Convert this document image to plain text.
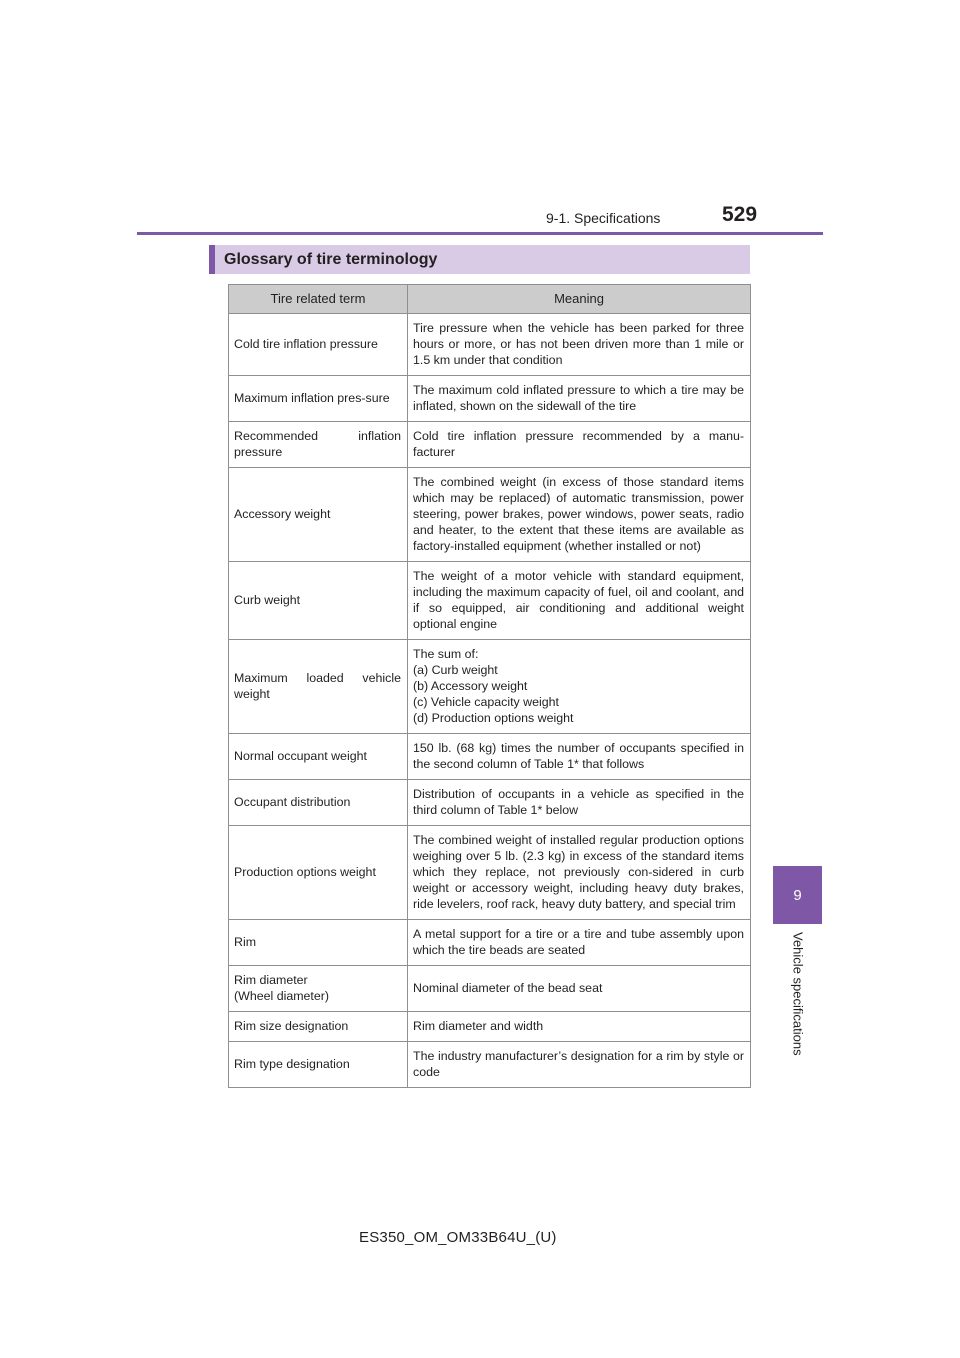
9-1. Specifications	529
9
Vehicle specifications
Glossary of tire terminology
Tire related term	Meaning
Cold tire inflation pressure	Tire pressure when the vehicle has been parked for three hours or more, or has not been driven more than 1 mile or 1.5 km under that condition
Maximum inflation pres-sure	The maximum cold inflated pressure to which a tire may be inflated, shown on the sidewall of the tire
Recommended inflation pressure	Cold tire inflation pressure recommended by a manu-facturer
Accessory weight	The combined weight (in excess of those standard items which may be replaced) of automatic transmission, power steering, power brakes, power windows, power seats, radio and heater, to the extent that these items are available as factory-installed equipment (whether installed or not)
Curb weight	The weight of a motor vehicle with standard equipment, including the maximum capacity of fuel, oil and coolant, and if so equipped, air conditioning and additional weight optional engine
Maximum loaded vehicle weight	The sum of:
(a) Curb weight
(b) Accessory weight
(c) Vehicle capacity weight
(d) Production options weight
Normal occupant weight	150 lb. (68 kg) times the number of occupants specified in the second column of Table 1* that follows
Occupant distribution	Distribution of occupants in a vehicle as specified in the third column of Table 1* below
Production options weight	The combined weight of installed regular production options weighing over 5 lb. (2.3 kg) in excess of the standard items which they replace, not previously con-sidered in curb weight or accessory weight, including heavy duty brakes, ride levelers, roof rack, heavy duty battery, and special trim
Rim	A metal support for a tire or a tire and tube assembly upon which the tire beads are seated
Rim diameter
(Wheel diameter)	Nominal diameter of the bead seat
Rim size designation	Rim diameter and width
Rim type designation	The industry manufacturer’s designation for a rim by style or code
ES350_OM_OM33B64U_(U)
